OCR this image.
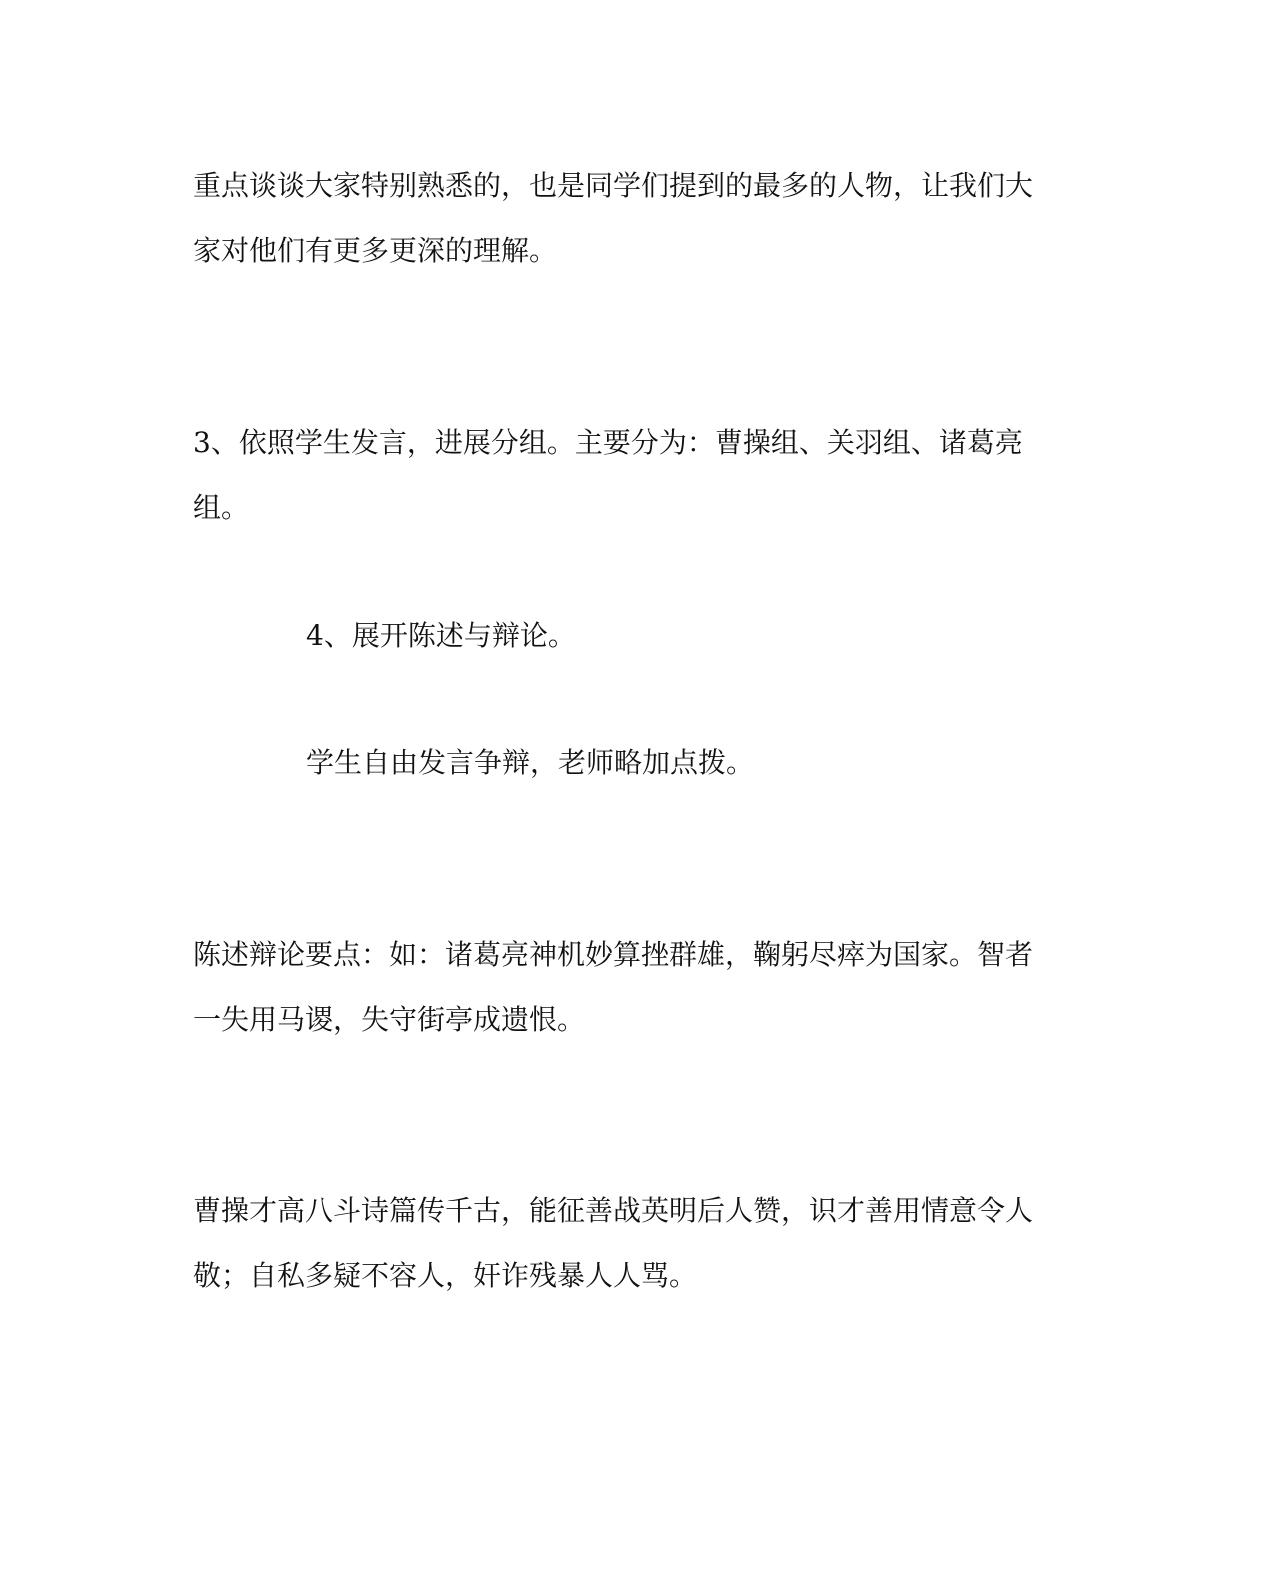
重点谈谈大家特别熟悉的，也是同学们提到的最多的人物，让我们大

家对他们有更多更深的理解。

3、依照学生发言，进展分组。主要分为：曹操组、关羽组、诸葛亮

组。

4、展开陈述与辩论。

学生自由发言争辩，老师略加点拨。

陈述辩论要点：如：诸葛亮神机妙算挫群雄，鞠躬尽瘁为国家。智者

一失用马谡，失守街亭成遗恨。

曹操才高八斗诗篇传千古，能征善战英明后人赞，识才善用情意令人

敬；自私多疑不容人，奸诈残暴人人骂。
